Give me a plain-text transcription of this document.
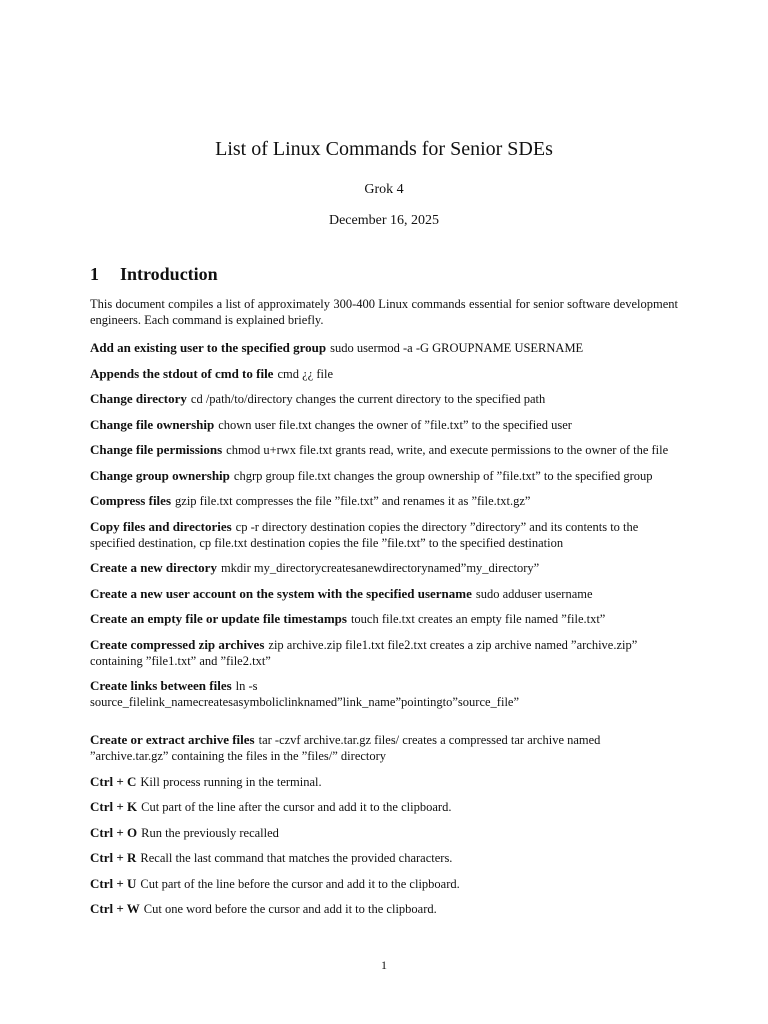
List of Linux Commands for Senior SDEs
Grok 4
December 16, 2025
1 Introduction
This document compiles a list of approximately 300-400 Linux commands essential for senior software development engineers. Each command is explained briefly.
Add an existing user to the specified group sudo usermod -a -G GROUPNAME USERNAME
Appends the stdout of cmd to file cmd ¿¿ file
Change directory cd /path/to/directory changes the current directory to the specified path
Change file ownership chown user file.txt changes the owner of ”file.txt” to the specified user
Change file permissions chmod u+rwx file.txt grants read, write, and execute permissions to the owner of the file
Change group ownership chgrp group file.txt changes the group ownership of ”file.txt” to the specified group
Compress files gzip file.txt compresses the file ”file.txt” and renames it as ”file.txt.gz”
Copy files and directories cp -r directory destination copies the directory ”directory” and its contents to the specified destination, cp file.txt destination copies the file ”file.txt” to the specified destination
Create a new directory mkdir my_directorycreatesanewdirectorynamed”my_directory”
Create a new user account on the system with the specified username sudo adduser username
Create an empty file or update file timestamps touch file.txt creates an empty file named ”file.txt”
Create compressed zip archives zip archive.zip file1.txt file2.txt creates a zip archive named ”archive.zip” containing ”file1.txt” and ”file2.txt”
Create links between files ln -s source_filelink_namecreatesasymboliclinknamed”link_name”pointingto”source_file”
Create or extract archive files tar -czvf archive.tar.gz files/ creates a compressed tar archive named ”archive.tar.gz” containing the files in the ”files/” directory
Ctrl + C Kill process running in the terminal.
Ctrl + K Cut part of the line after the cursor and add it to the clipboard.
Ctrl + O Run the previously recalled
Ctrl + R Recall the last command that matches the provided characters.
Ctrl + U Cut part of the line before the cursor and add it to the clipboard.
Ctrl + W Cut one word before the cursor and add it to the clipboard.
1
